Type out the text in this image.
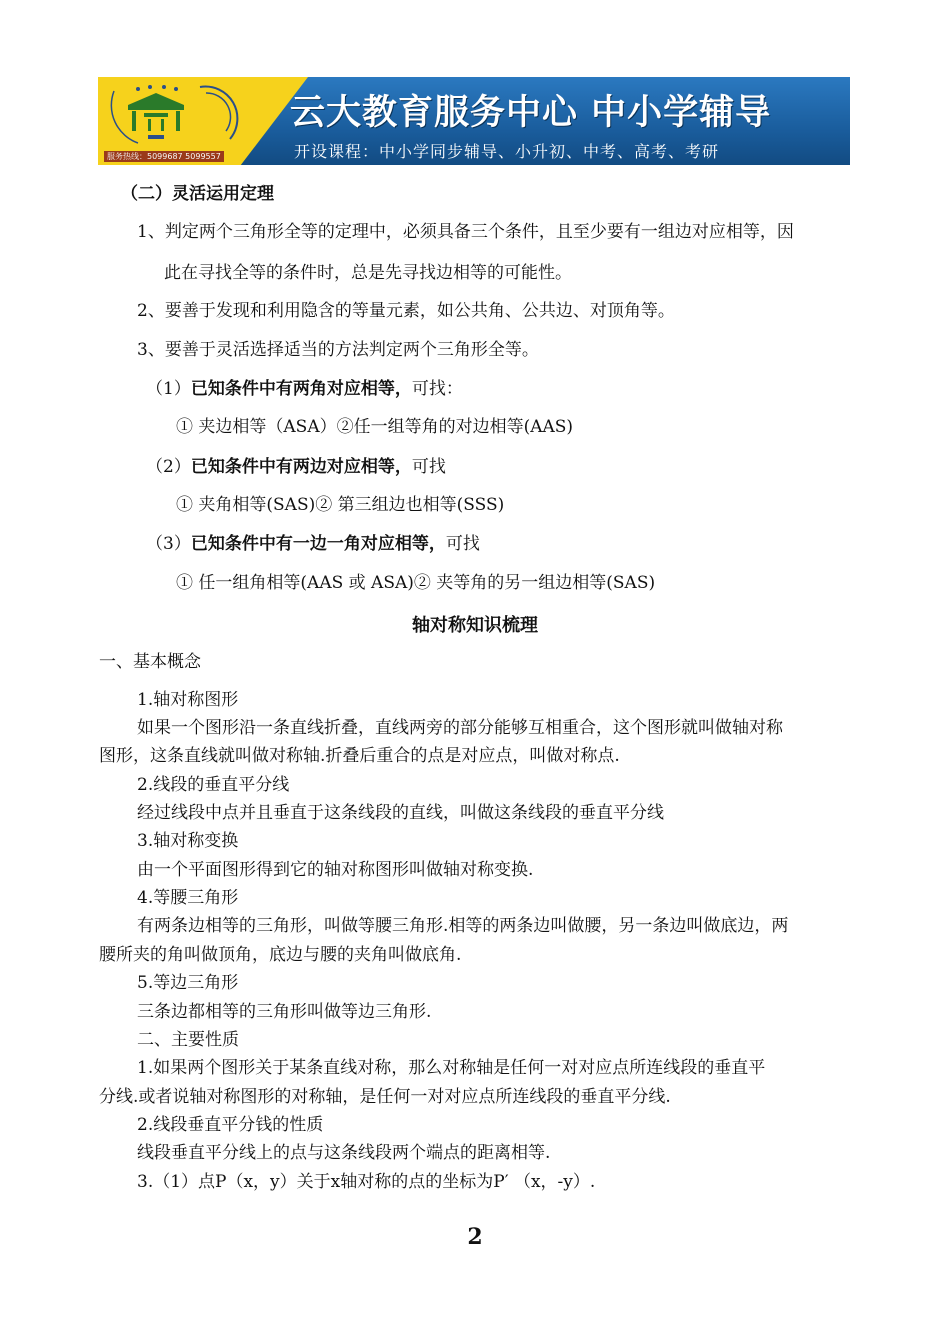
服务热线：5099687 5099557
云大教育服务中心 中小学辅导
开设课程：中小学同步辅导、小升初、中考、高考、考研
（二）灵活运用定理
1、判定两个三角形全等的定理中，必须具备三个条件，且至少要有一组边对应相等，因
此在寻找全等的条件时，总是先寻找边相等的可能性。
2、要善于发现和利用隐含的等量元素，如公共角、公共边、对顶角等。
3、要善于灵活选择适当的方法判定两个三角形全等。
（1）已知条件中有两角对应相等，可找：
① 夹边相等（ASA）②任一组等角的对边相等(AAS)
（2）已知条件中有两边对应相等，可找
① 夹角相等(SAS)② 第三组边也相等(SSS)
（3）已知条件中有一边一角对应相等，可找
① 任一组角相等(AAS 或 ASA)② 夹等角的另一组边相等(SAS)
轴对称知识梳理
一、基本概念
1.轴对称图形
如果一个图形沿一条直线折叠，直线两旁的部分能够互相重合，这个图形就叫做轴对称
图形，这条直线就叫做对称轴.折叠后重合的点是对应点，叫做对称点.
2.线段的垂直平分线
经过线段中点并且垂直于这条线段的直线，叫做这条线段的垂直平分线
3.轴对称变换
由一个平面图形得到它的轴对称图形叫做轴对称变换.
4.等腰三角形
有两条边相等的三角形，叫做等腰三角形.相等的两条边叫做腰，另一条边叫做底边，两
腰所夹的角叫做顶角，底边与腰的夹角叫做底角.
5.等边三角形
三条边都相等的三角形叫做等边三角形.
二、主要性质
1.如果两个图形关于某条直线对称，那么对称轴是任何一对对应点所连线段的垂直平
分线.或者说轴对称图形的对称轴，是任何一对对应点所连线段的垂直平分线.
2.线段垂直平分钱的性质
线段垂直平分线上的点与这条线段两个端点的距离相等.
3.（1）点P（x，y）关于x轴对称的点的坐标为P′ （x，-y）.
2
